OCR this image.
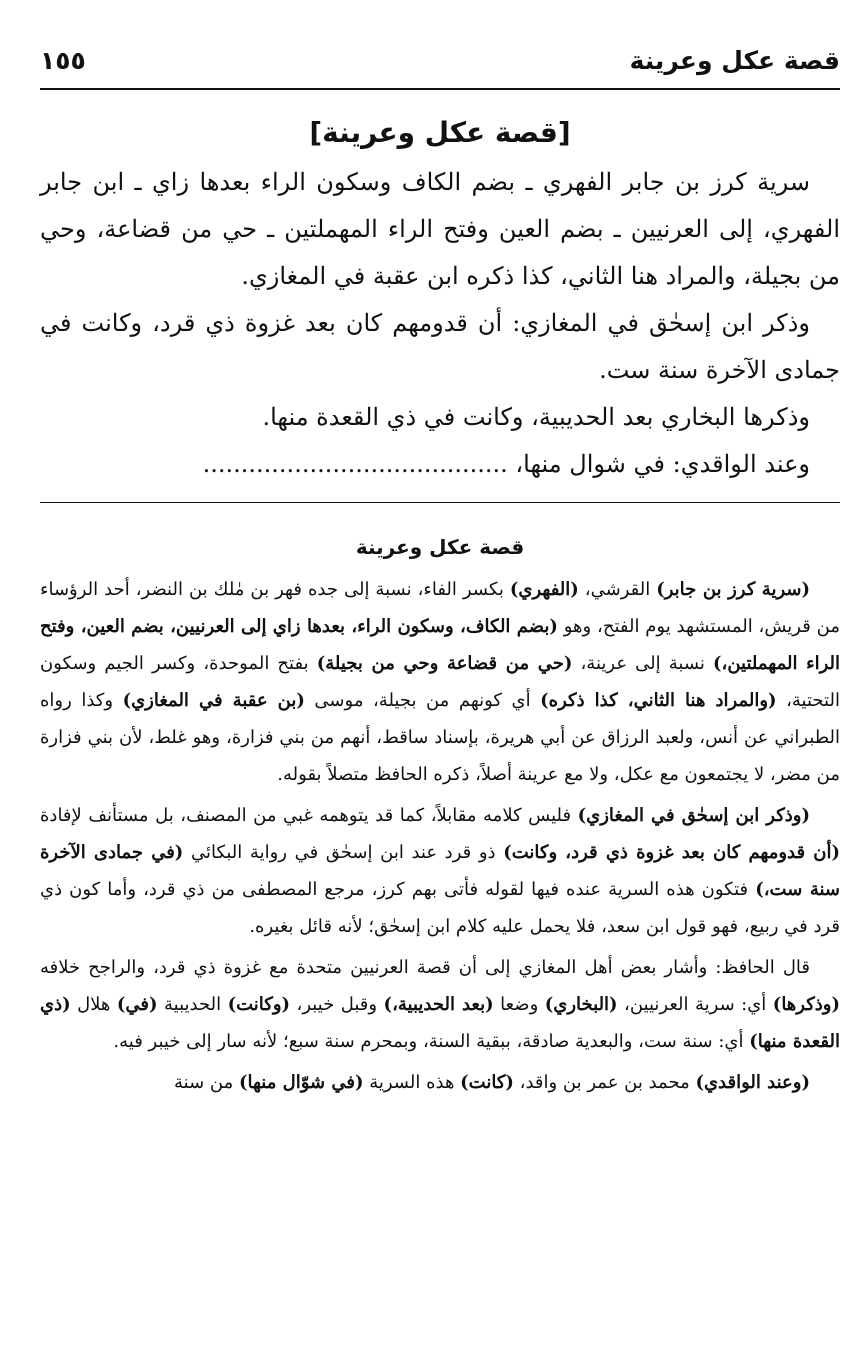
قصة عكل وعرينة
١٥٥
[قصة عكل وعرينة]

سرية كرز بن جابر الفهري ـ بضم الكاف وسكون الراء بعدها زاي ـ ابن جابر الفهري، إلى العرنيين ـ بضم العين وفتح الراء المهملتين ـ حي من قضاعة، وحي من بجيلة، والمراد هنا الثاني، كذا ذكره ابن عقبة في المغازي.

وذكر ابن إسحٰق في المغازي: أن قدومهم كان بعد غزوة ذي قرد، وكانت في جمادى الآخرة سنة ست.

وذكرها البخاري بعد الحديبية، وكانت في ذي القعدة منها.

وعند الواقدي: في شوال منها، ........................................

قصة عكل وعرينة

(سرية كرز بن جابر) القرشي، (الفهري) بكسر الفاء، نسبة إلى جده فهر بن مٰلك بن النضر، أحد الرؤساء من قريش، المستشهد يوم الفتح، وهو (بضم الكاف، وسكون الراء، بعدها زاي إلى العرنيين، بضم العين، وفتح الراء المهملتين،) نسبة إلى عرينة، (حي من قضاعة وحي من بجيلة) بفتح الموحدة، وكسر الجيم وسكون التحتية، (والمراد هنا الثاني، كذا ذكره) أي كونهم من بجيلة، موسى (بن عقبة في المغازي) وكذا رواه الطبراني عن أنس، ولعبد الرزاق عن أبي هريرة، بإسناد ساقط، أنهم من بني فزارة، وهو غلط، لأن بني فزارة من مضر، لا يجتمعون مع عكل، ولا مع عرينة أصلاً، ذكره الحافظ متصلاً بقوله.

(وذكر ابن إسحٰق في المغازي) فليس كلامه مقابلاً، كما قد يتوهمه غبي من المصنف، بل مستأنف لإفادة (أن قدومهم كان بعد غزوة ذي قرد، وكانت) ذو قرد عند ابن إسحٰق في رواية البكائي (في جمادى الآخرة سنة ست،) فتكون هذه السرية عنده فيها لقوله فأتى بهم كرز، مرجع المصطفى من ذي قرد، وأما كون ذي قرد في ربيع، فهو قول ابن سعد، فلا يحمل عليه كلام ابن إسحٰق؛ لأنه قائل بغيره.

قال الحافظ: وأشار بعض أهل المغازي إلى أن قصة العرنيين متحدة مع غزوة ذي قرد، والراجح خلافه (وذكرها) أي: سرية العرنيين، (البخاري) وضعا (بعد الحديبية،) وقبل خيبر، (وكانت) الحديبية (في) هلال (ذي القعدة منها) أي: سنة ست، والبعدية صادقة، ببقية السنة، وبمحرم سنة سبع؛ لأنه سار إلى خيبر فيه.

(وعند الواقدي) محمد بن عمر بن واقد، (كانت) هذه السرية (في شوّال منها) من سنة
